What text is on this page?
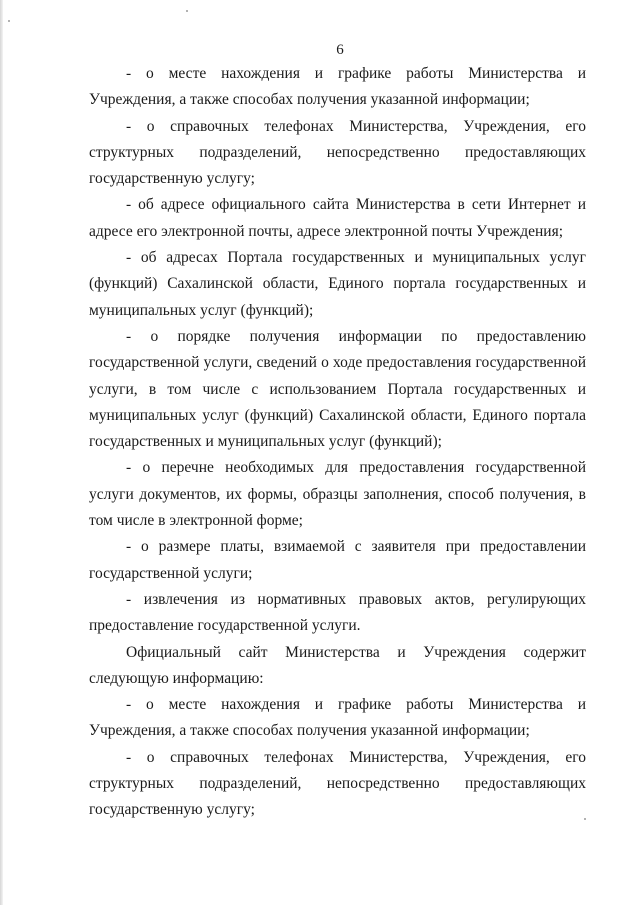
6

- о месте нахождения и графике работы Министерства и Учреждения, а также способах получения указанной информации;

- о справочных телефонах Министерства, Учреждения, его структурных подразделений, непосредственно предоставляющих государственную услугу;

- об адресе официального сайта Министерства в сети Интернет и адресе его электронной почты, адресе электронной почты Учреждения;

- об адресах Портала государственных и муниципальных услуг (функций) Сахалинской области, Единого портала государственных и муниципальных услуг (функций);

- о порядке получения информации по предоставлению государственной услуги, сведений о ходе предоставления государственной услуги, в том числе с использованием Портала государственных и муниципальных услуг (функций) Сахалинской области, Единого портала государственных и муниципальных услуг (функций);

- о перечне необходимых для предоставления государственной услуги документов, их формы, образцы заполнения, способ получения, в том числе в электронной форме;

- о размере платы, взимаемой с заявителя при предоставлении государственной услуги;

- извлечения из нормативных правовых актов, регулирующих предоставление государственной услуги.

Официальный сайт Министерства и Учреждения содержит следующую информацию:

- о месте нахождения и графике работы Министерства и Учреждения, а также способах получения указанной информации;

- о справочных телефонах Министерства, Учреждения, его структурных подразделений, непосредственно предоставляющих государственную услугу;
